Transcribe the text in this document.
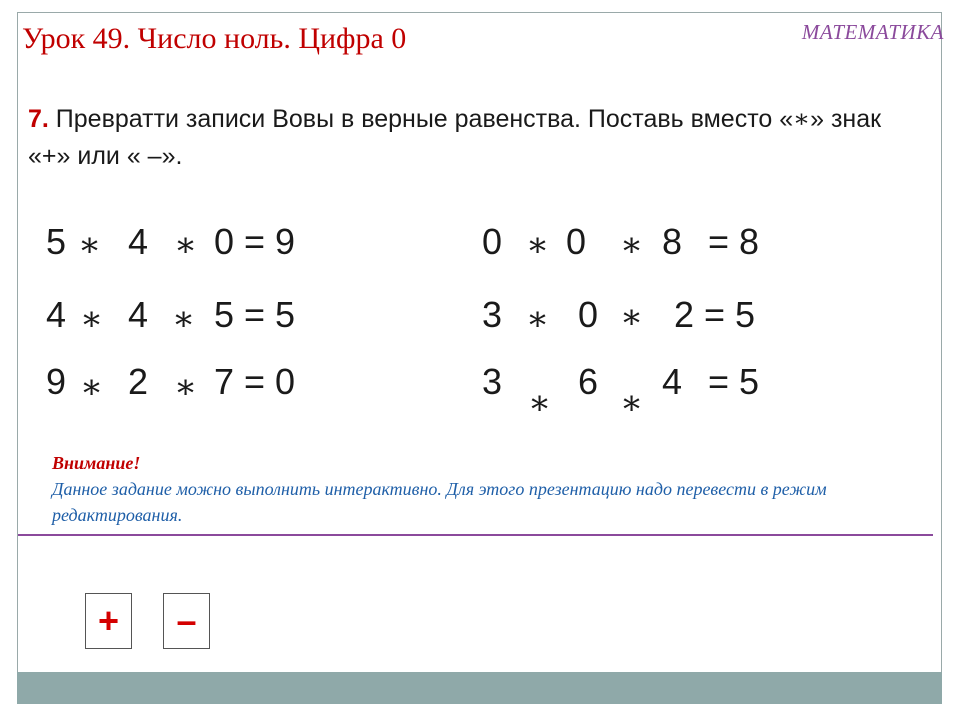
Урок 49. Число ноль. Цифра 0	МАТЕМАТИКА
7. Превратти записи Вовы в верные равенства. Поставь вместо «∗» знак «+» или « –».
5 ∗ 4 ∗ 0 = 9
4 ∗ 4 ∗ 5 = 5
9 ∗ 2 ∗ 7 = 0
0 ∗ 0 ∗ 8 = 8
3 ∗ 0 ∗ 2 = 5
3
∗
6
∗
4 = 5
Внимание!
Данное задание можно выполнить интерактивно. Для этого презентацию надо перевести в режим редактирования.
+	–
